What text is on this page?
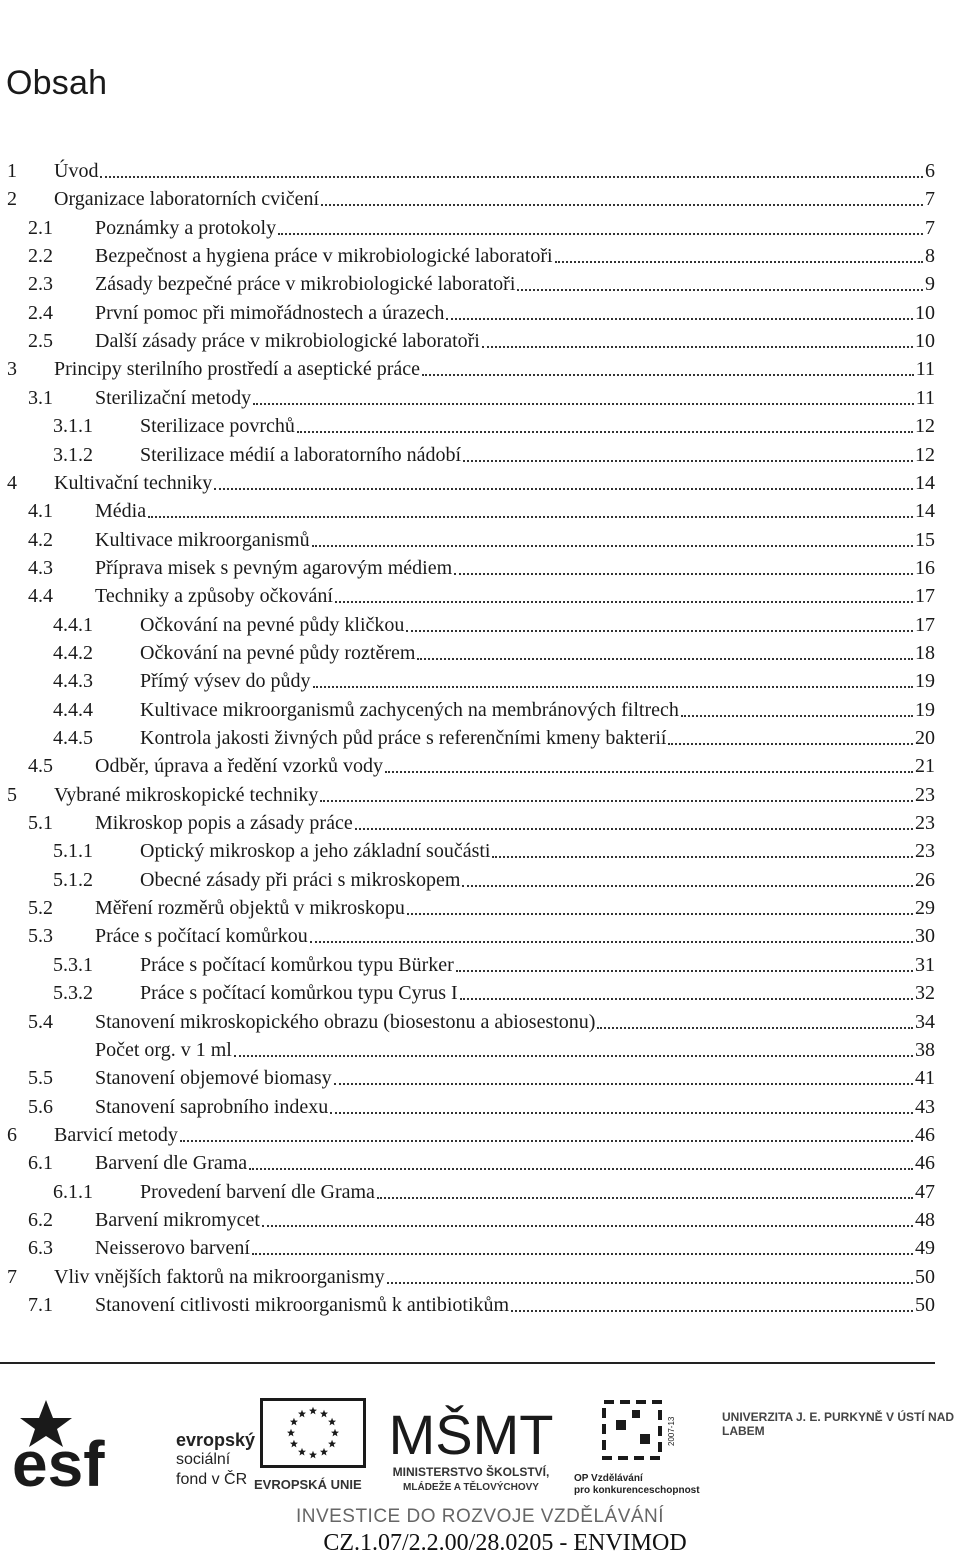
Obsah
1 Úvod	6
2 Organizace laboratorních cvičení	7
2.1 Poznámky a protokoly	7
2.2 Bezpečnost a hygiena práce v mikrobiologické laboratoři	8
2.3 Zásady bezpečné práce v mikrobiologické laboratoři	9
2.4 První pomoc při mimořádnostech a úrazech	10
2.5 Další zásady práce v mikrobiologické laboratoři	10
3 Principy sterilního prostředí a aseptické práce	11
3.1 Sterilizační metody	11
3.1.1 Sterilizace povrchů	12
3.1.2 Sterilizace médií a laboratorního nádobí	12
4 Kultivační techniky	14
4.1 Média	14
4.2 Kultivace mikroorganismů	15
4.3 Příprava misek s pevným agarovým médiem	16
4.4 Techniky a způsoby očkování	17
4.4.1 Očkování na pevné půdy kličkou	17
4.4.2 Očkování na pevné půdy roztěrem	18
4.4.3 Přímý výsev do půdy	19
4.4.4 Kultivace mikroorganismů zachycených na membránových filtrech	19
4.4.5 Kontrola jakosti živných půd práce s referenčními kmeny bakterií	20
4.5 Odběr, úprava a ředění vzorků vody	21
5 Vybrané mikroskopické techniky	23
5.1 Mikroskop popis a zásady práce	23
5.1.1 Optický mikroskop a jeho základní součásti	23
5.1.2 Obecné zásady při práci s mikroskopem	26
5.2 Měření rozměrů objektů v mikroskopu	29
5.3 Práce s počítací komůrkou	30
5.3.1 Práce s počítací komůrkou typu Bürker	31
5.3.2 Práce s počítací komůrkou typu Cyrus I	32
5.4 Stanovení mikroskopického obrazu (biosestonu a abiosestonu)	34
Počet org. v 1 ml	38
5.5 Stanovení objemové biomasy	41
5.6 Stanovení saprobního indexu	43
6 Barvicí metody	46
6.1 Barvení dle Grama	46
6.1.1 Provedení barvení dle Grama	47
6.2 Barvení mikromycet	48
6.3 Neisserovo barvení	49
7 Vliv vnějších faktorů na mikroorganismy	50
7.1 Stanovení citlivosti mikroorganismů k antibiotikům	50
esf	evropský
sociální
fond v ČR EVROPSKÁ UNIE
MŠMT
MINISTERSTVO ŠKOLSTVÍ,
MLÁDEŽE A TĚLOVÝCHOVY
2007-13
OP Vzdělávání
pro konkurenceschopnost
UNIVERZITA J. E. PURKYNĚ V ÚSTÍ NAD LABEM
INVESTICE DO ROZVOJE VZDĚLÁVÁNÍ
CZ.1.07/2.2.00/28.0205 - ENVIMOD
